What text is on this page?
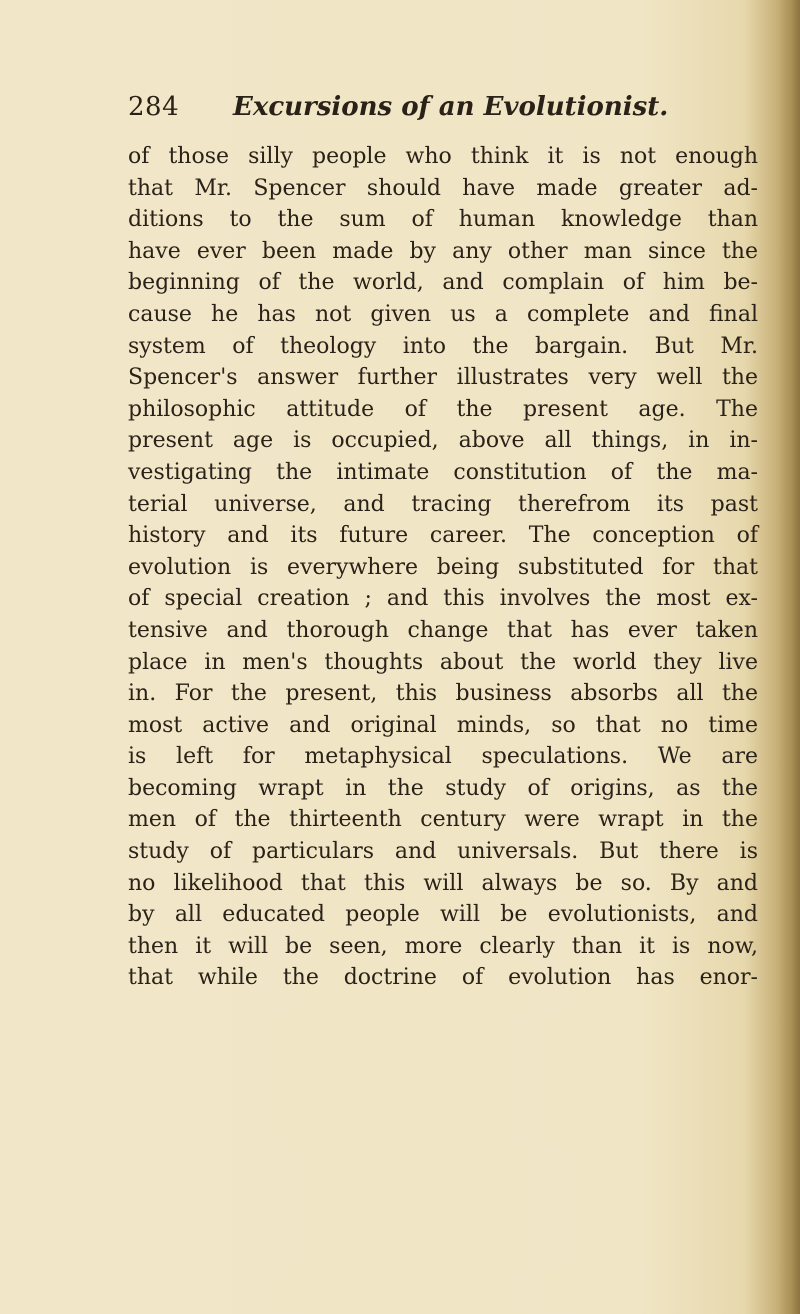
284 Excursions of an Evolutionist.
of those silly people who think it is not enough
that Mr. Spencer should have made greater ad-
ditions to the sum of human knowledge than
have ever been made by any other man since the
beginning of the world, and complain of him be-
cause he has not given us a complete and final
system of theology into the bargain. But Mr.
Spencer's answer further illustrates very well the
philosophic attitude of the present age. The
present age is occupied, above all things, in in-
vestigating the intimate constitution of the ma-
terial universe, and tracing therefrom its past
history and its future career. The conception of
evolution is everywhere being substituted for that
of special creation ; and this involves the most ex-
tensive and thorough change that has ever taken
place in men's thoughts about the world they live
in. For the present, this business absorbs all the
most active and original minds, so that no time
is left for metaphysical speculations. We are
becoming wrapt in the study of origins, as the
men of the thirteenth century were wrapt in the
study of particulars and universals. But there is
no likelihood that this will always be so. By and
by all educated people will be evolutionists, and
then it will be seen, more clearly than it is now,
that while the doctrine of evolution has enor-
